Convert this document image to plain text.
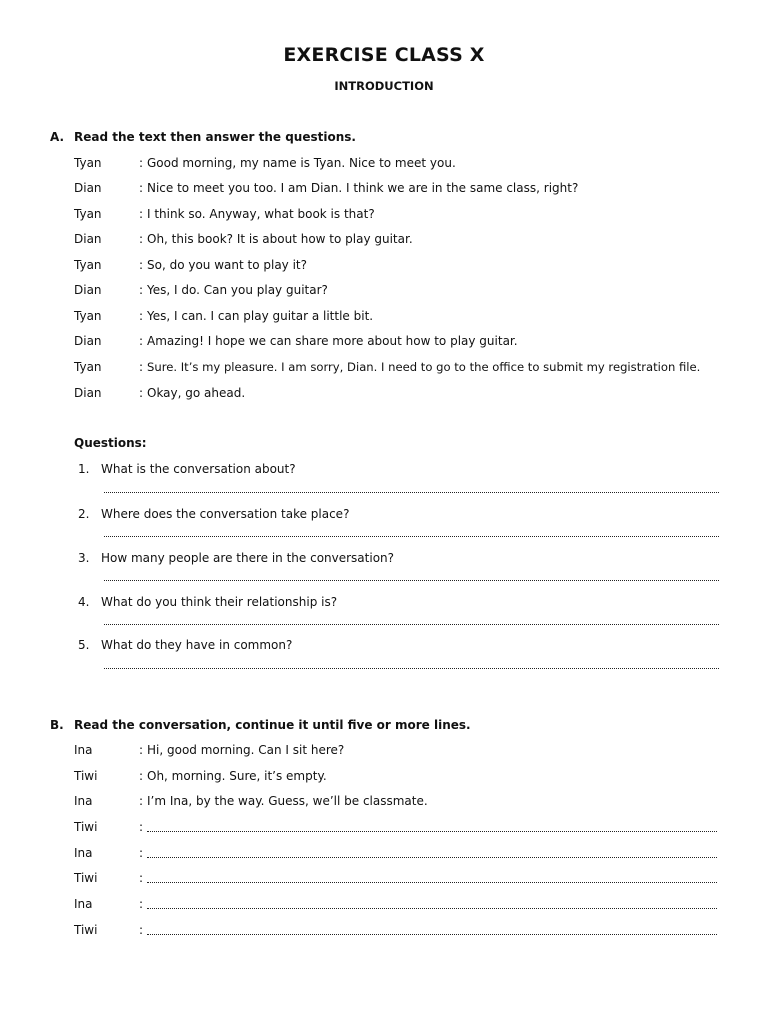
EXERCISE CLASS X
INTRODUCTION
A. Read the text then answer the questions.
Tyan	: Good morning, my name is Tyan. Nice to meet you.
Dian	: Nice to meet you too. I am Dian. I think we are in the same class, right?
Tyan	: I think so. Anyway, what book is that?
Dian	: Oh, this book? It is about how to play guitar.
Tyan	: So, do you want to play it?
Dian	: Yes, I do. Can you play guitar?
Tyan	: Yes, I can. I can play guitar a little bit.
Dian	: Amazing! I hope we can share more about how to play guitar.
Tyan	: Sure. It’s my pleasure. I am sorry, Dian. I need to go to the office to submit my registration file.
Dian	: Okay, go ahead.
Questions:
1. What is the conversation about?
2. Where does the conversation take place?
3. How many people are there in the conversation?
4. What do you think their relationship is?
5. What do they have in common?
B. Read the conversation, continue it until five or more lines.
Ina	: Hi, good morning. Can I sit here?
Tiwi	: Oh, morning. Sure, it’s empty.
Ina	: I’m Ina, by the way. Guess, we’ll be classmate.
Tiwi	:
Ina	:
Tiwi	:
Ina	:
Tiwi	:
